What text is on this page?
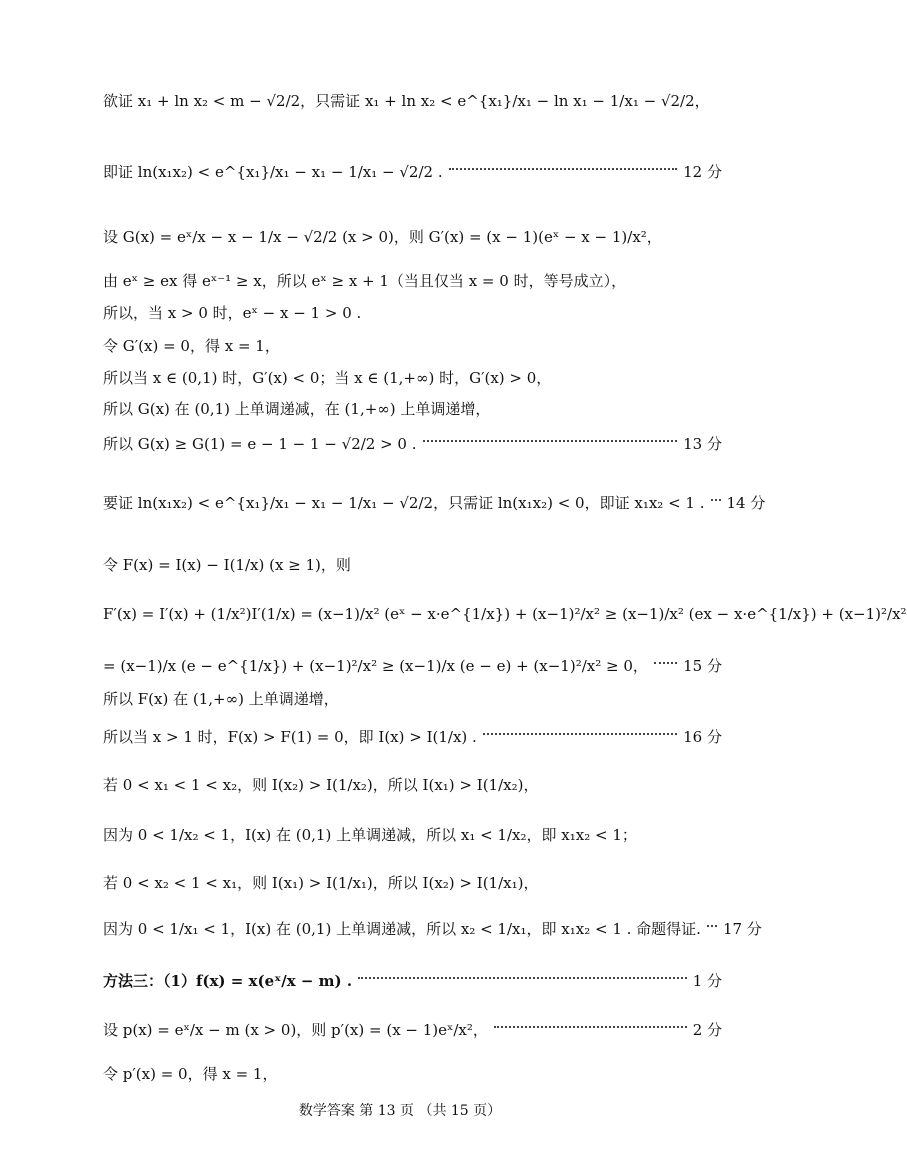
欲证 x₁ + ln x₂ < m − √2/2，只需证 x₁ + ln x₂ < e^{x₁}/x₁ − ln x₁ − 1/x₁ − √2/2，
即证 ln(x₁x₂) < e^{x₁}/x₁ − x₁ − 1/x₁ − √2/2 .	12 分
设 G(x) = eˣ/x − x − 1/x − √2/2 (x > 0)，则 G′(x) = (x − 1)(eˣ − x − 1)/x²，
由 eˣ ≥ ex 得 eˣ⁻¹ ≥ x，所以 eˣ ≥ x + 1（当且仅当 x = 0 时，等号成立），
所以，当 x > 0 时，eˣ − x − 1 > 0 .
令 G′(x) = 0，得 x = 1，
所以当 x ∈ (0,1) 时，G′(x) < 0；当 x ∈ (1,+∞) 时，G′(x) > 0，
所以 G(x) 在 (0,1) 上单调递减，在 (1,+∞) 上单调递增，
所以 G(x) ≥ G(1) = e − 1 − 1 − √2/2 > 0 .	13 分
要证 ln(x₁x₂) < e^{x₁}/x₁ − x₁ − 1/x₁ − √2/2，只需证 ln(x₁x₂) < 0，即证 x₁x₂ < 1 . 14 分
令 F(x) = I(x) − I(1/x) (x ≥ 1)，则
F′(x) = I′(x) + (1/x²)I′(1/x) = (x−1)/x² (eˣ − x·e^{1/x}) + (x−1)²/x² ≥ (x−1)/x² (ex − x·e^{1/x}) + (x−1)²/x²
= (x−1)/x (e − e^{1/x}) + (x−1)²/x² ≥ (x−1)/x (e − e) + (x−1)²/x² ≥ 0， 15 分
所以 F(x) 在 (1,+∞) 上单调递增，
所以当 x > 1 时，F(x) > F(1) = 0，即 I(x) > I(1/x) .	16 分
若 0 < x₁ < 1 < x₂，则 I(x₂) > I(1/x₂)，所以 I(x₁) > I(1/x₂)，
因为 0 < 1/x₂ < 1，I(x) 在 (0,1) 上单调递减，所以 x₁ < 1/x₂，即 x₁x₂ < 1；
若 0 < x₂ < 1 < x₁，则 I(x₁) > I(1/x₁)，所以 I(x₂) > I(1/x₁)，
因为 0 < 1/x₁ < 1，I(x) 在 (0,1) 上单调递减，所以 x₂ < 1/x₁，即 x₁x₂ < 1 . 命题得证. 17 分
方法三：（1）f(x) = x(eˣ/x − m) .	1 分
设 p(x) = eˣ/x − m (x > 0)，则 p′(x) = (x − 1)eˣ/x²，	2 分
令 p′(x) = 0，得 x = 1，
数学答案 第 13 页 （共 15 页）
